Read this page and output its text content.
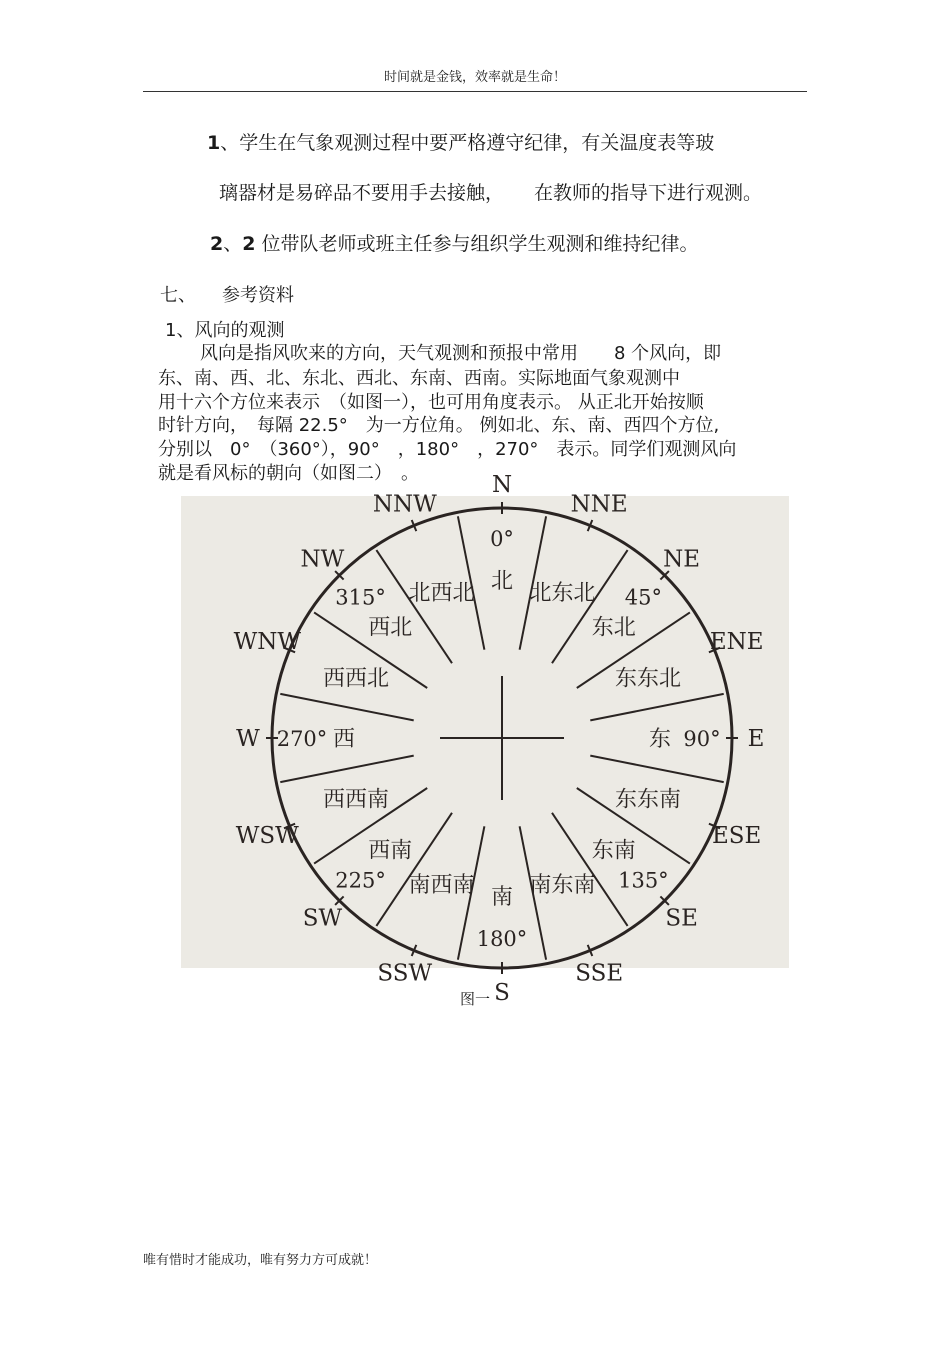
时间就是金钱，效率就是生命！
1、学生在气象观测过程中要严格遵守纪律，有关温度表等玻
璃器材是易碎品不要用手去接触， 在教师的指导下进行观测。
2、2 位带队老师或班主任参与组织学生观测和维持纪律。
七、 参考资料
1、风向的观测
风向是指风吹来的方向，天气观测和预报中常用　　8 个风向，即
东、南、西、北、东北、西北、东南、西南。实际地面气象观测中
用十六个方位来表示　（如图一），也可用角度表示。 从正北开始按顺
时针方向，　每隔 22.5°　为一方位角。 例如北、东、南、西四个方位,
分别以　0°　（360°），90°　，180°　，270°　表示。同学们观测风向
就是看风标的朝向（如图二）　。	N
NNE
NE
ENE
E
ESE
SE
SSE
S
SSW
SW
WSW
W
WNW
NW
NNW
北 北东北
东北
东东北
东
东东南
东南
南东南
南
南西南
西南
西西南
西
西西北
西北
北西北
0°
45°
90°
135°
180°
225°
270°
315°
图一
唯有惜时才能成功，唯有努力方可成就！
